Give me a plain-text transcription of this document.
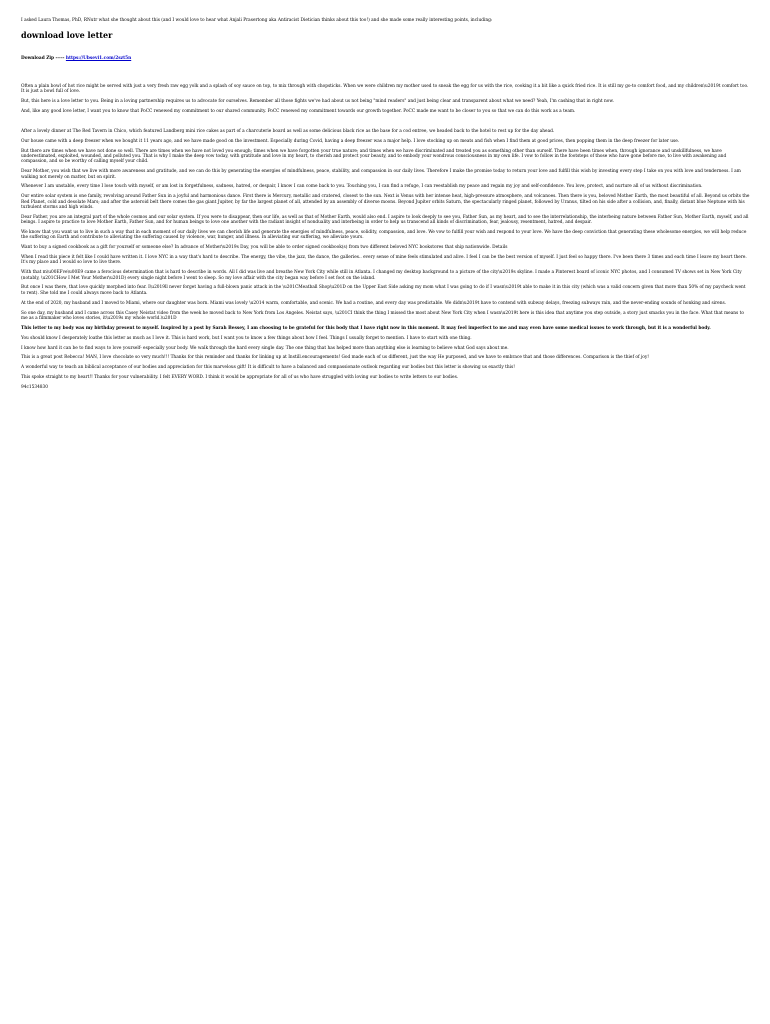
I asked Laura Thomas, PhD, RNutr what she thought about this (and I would love to hear what Anjali Prasertong aka Antiracist Dietician thinks about this too!) and she made some really interesting points, including:

download love letter
Download Zip ----- https://Ubsevi1.com/2szt5n

Often a plain bowl of hot rice might be served with just a very fresh raw egg yolk and a splash of soy sauce on top, to mix through with chopsticks. When we were children my mother used to sneak the egg for us with the rice, cooking it a bit like a quick fried rice. It is still my go-to comfort food, and my children\u2019t comfort too. It is just a bowl full of love.

But, this here is a love letter to you. Being in a loving partnership requires us to advocate for ourselves. Remember all those fights we've had about us not being "mind readers" and just being clear and transparent about what we need? Yeah, I'm cashing that in right now.

And, like any good love letter, I want you to know that PoCC renewed my commitment to our shared community. PoCC renewed my commitment towards our growth together. PoCC made me want to be closer to you so that we can do this work as a team.

After a lovely dinner at The Red Tavern in Chico, which featured Landberg mini rice cakes as part of a charcuterie board as well as some delicious black rice as the base for a cod entree, we headed back to the hotel to rest up for the day ahead.

Our house came with a deep freezer when we bought it 11 years ago, and we have made good on the investment. Especially during Covid, having a deep freezer was a major help. I love stocking up on meats and fish when I find them at good prices, then popping them in the deep freezer for later use.

But there are times when we have not done so well. There are times when we have not loved you enough; times when we have forgotten your true nature; and times when we have discriminated and treated you as something other than ourself. There have been times when, through ignorance and unskillfulness, we have underestimated, exploited, wounded, and polluted you. That is why I make the deep vow today, with gratitude and love in my heart, to cherish and protect your beauty, and to embody your wondrous consciousness in my own life. I vow to follow in the footsteps of those who have gone before me, to live with awakening and compassion, and so be worthy of calling myself your child.

Dear Mother, you wish that we live with more awareness and gratitude, and we can do this by generating the energies of mindfulness, peace, stability, and compassion in our daily lives. Therefore I make the promise today to return your love and fulfill this wish by investing every step I take on you with love and tenderness. I am walking not merely on matter, but on spirit.

Whenever I am unstable, every time I lose touch with myself, or am lost in forgetfulness, sadness, hatred, or despair, I know I can come back to you. Touching you, I can find a refuge, I can reestablish my peace and regain my joy and self-confidence. You love, protect, and nurture all of us without discrimination.

Our entire solar system is one family, revolving around Father Sun in a joyful and harmonious dance. First there is Mercury, metallic and cratered, closest to the sun. Next is Venus with her intense heat, high-pressure atmosphere, and volcanoes. Then there is you, beloved Mother Earth, the most beautiful of all. Beyond us orbits the Red Planet, cold and desolate Mars; and after the asteroid belt there comes the gas giant Jupiter, by far the largest planet of all, attended by an assembly of diverse moons. Beyond Jupiter orbits Saturn, the spectacularly ringed planet, followed by Uranus, tilted on his side after a collision, and, finally, distant blue Neptune with his turbulent storms and high winds.

Dear Father, you are an integral part of the whole cosmos and our solar system. If you were to disappear, then our life, as well as that of Mother Earth, would also end. I aspire to look deeply to see you, Father Sun, as my heart, and to see the interrelationship, the interbeing nature between Father Sun, Mother Earth, myself, and all beings. I aspire to practice to love Mother Earth, Father Sun, and for human beings to love one another with the radiant insight of nonduality and interbeing in order to help us transcend all kinds of discrimination, fear, jealousy, resentment, hatred, and despair.

We know that you want us to live in such a way that in each moment of our daily lives we can cherish life and generate the energies of mindfulness, peace, solidity, compassion, and love. We vow to fulfill your wish and respond to your love. We have the deep conviction that generating these wholesome energies, we will help reduce the suffering on Earth and contribute to alleviating the suffering caused by violence, war, hunger, and illness. In alleviating our suffering, we alleviate yours.

Want to buy a signed cookbook as a gift for yourself or someone else? In advance of Mother\u2019s Day, you will be able to order signed cookbook(s) from two different beloved NYC bookstores that ship nationwide. Details

When I read this piece it felt like I could have written it. I love NYC in a way that's hard to describe. The energy, the vibe, the jazz, the dance, the galleries.. every sense of mine feels stimulated and alive. I feel I can be the best version of myself. I just feel so happy there. I've been there 3 times and each time I leave my heart there. It's my place and I would so love to live there.

With that m\u00EFve\u00E9 came a ferocious determination that is hard to describe in words. All I did was live and breathe New York City while still in Atlanta. I changed my desktop background to a picture of the city\u2019s skyline. I made a Pinterest board of iconic NYC photos, and I consumed TV shows set in New York City (notably, \u201CHow I Met Your Mother\u201D) every single night before I went to sleep. So my love affair with the city began way before I set foot on the island.

But once I was there, that love quickly morphed into fear. I\u2019ll never forget having a full-blown panic attack in the \u201CMeatball Shop\u201D on the Upper East Side asking my mom what I was going to do if I wasn\u2019t able to make it in this city (which was a valid concern given that more than 50% of my paycheck went to rent). She told me I could always move back to Atlanta.

At the end of 2020, my husband and I moved to Miami, where our daughter was born. Miami was lovely \u2014 warm, comfortable, and scenic. We had a routine, and every day was predictable. We didn\u2019t have to contend with subway delays, freezing subways rain, and the never-ending sounds of honking and sirens.

So one day, my husband and I came across this Casey Neistat video from the week he moved back to New York from Los Angeles. Neistat says, \u201CI think the thing I missed the most about New York City when I wasn\u2019t here is this idea that anytime you step outside, a story just smacks you in the face. What that means to me as a filmmaker who loves stories, it\u2019s my whole world.\u201D

This letter to my body was my birthday present to myself. Inspired by a post by Sarah Bessey, I am choosing to be grateful for this body that I have right now in this moment. It may feel imperfect to me and may even have some medical issues to work through, but it is a wonderful body.

You should know I desperately loathe this letter as much as I love it. This is hard work, but I want you to know a few things about how I feel. Things I usually forget to mention. I have to start with one thing.

I know how hard it can be to find ways to love yourself- especially your body. We walk through the hard every single day. The one thing that has helped more than anything else is learning to believe what God says about me.

This is a great post Rebecca! MAN, I love chocolate so very much!!! Thanks for this reminder and thanks for linking up at Instill.encouragements! God made each of us different, just the way He purposed, and we have to embrace that and those differences. Comparison is the thief of joy!

A wonderful way to teach an biblical acceptance of our bodies and appreciation for this marvelous gift! It is difficult to have a balanced and compassionate outlook regarding our bodies but this letter is showing us exactly this!

This spoke straight to my heart!! Thanks for your vulnerability. I felt EVERY WORD. I think it would be appropriate for all of us who have struggled with loving our bodies to write letters to our bodies.

94c1534830
